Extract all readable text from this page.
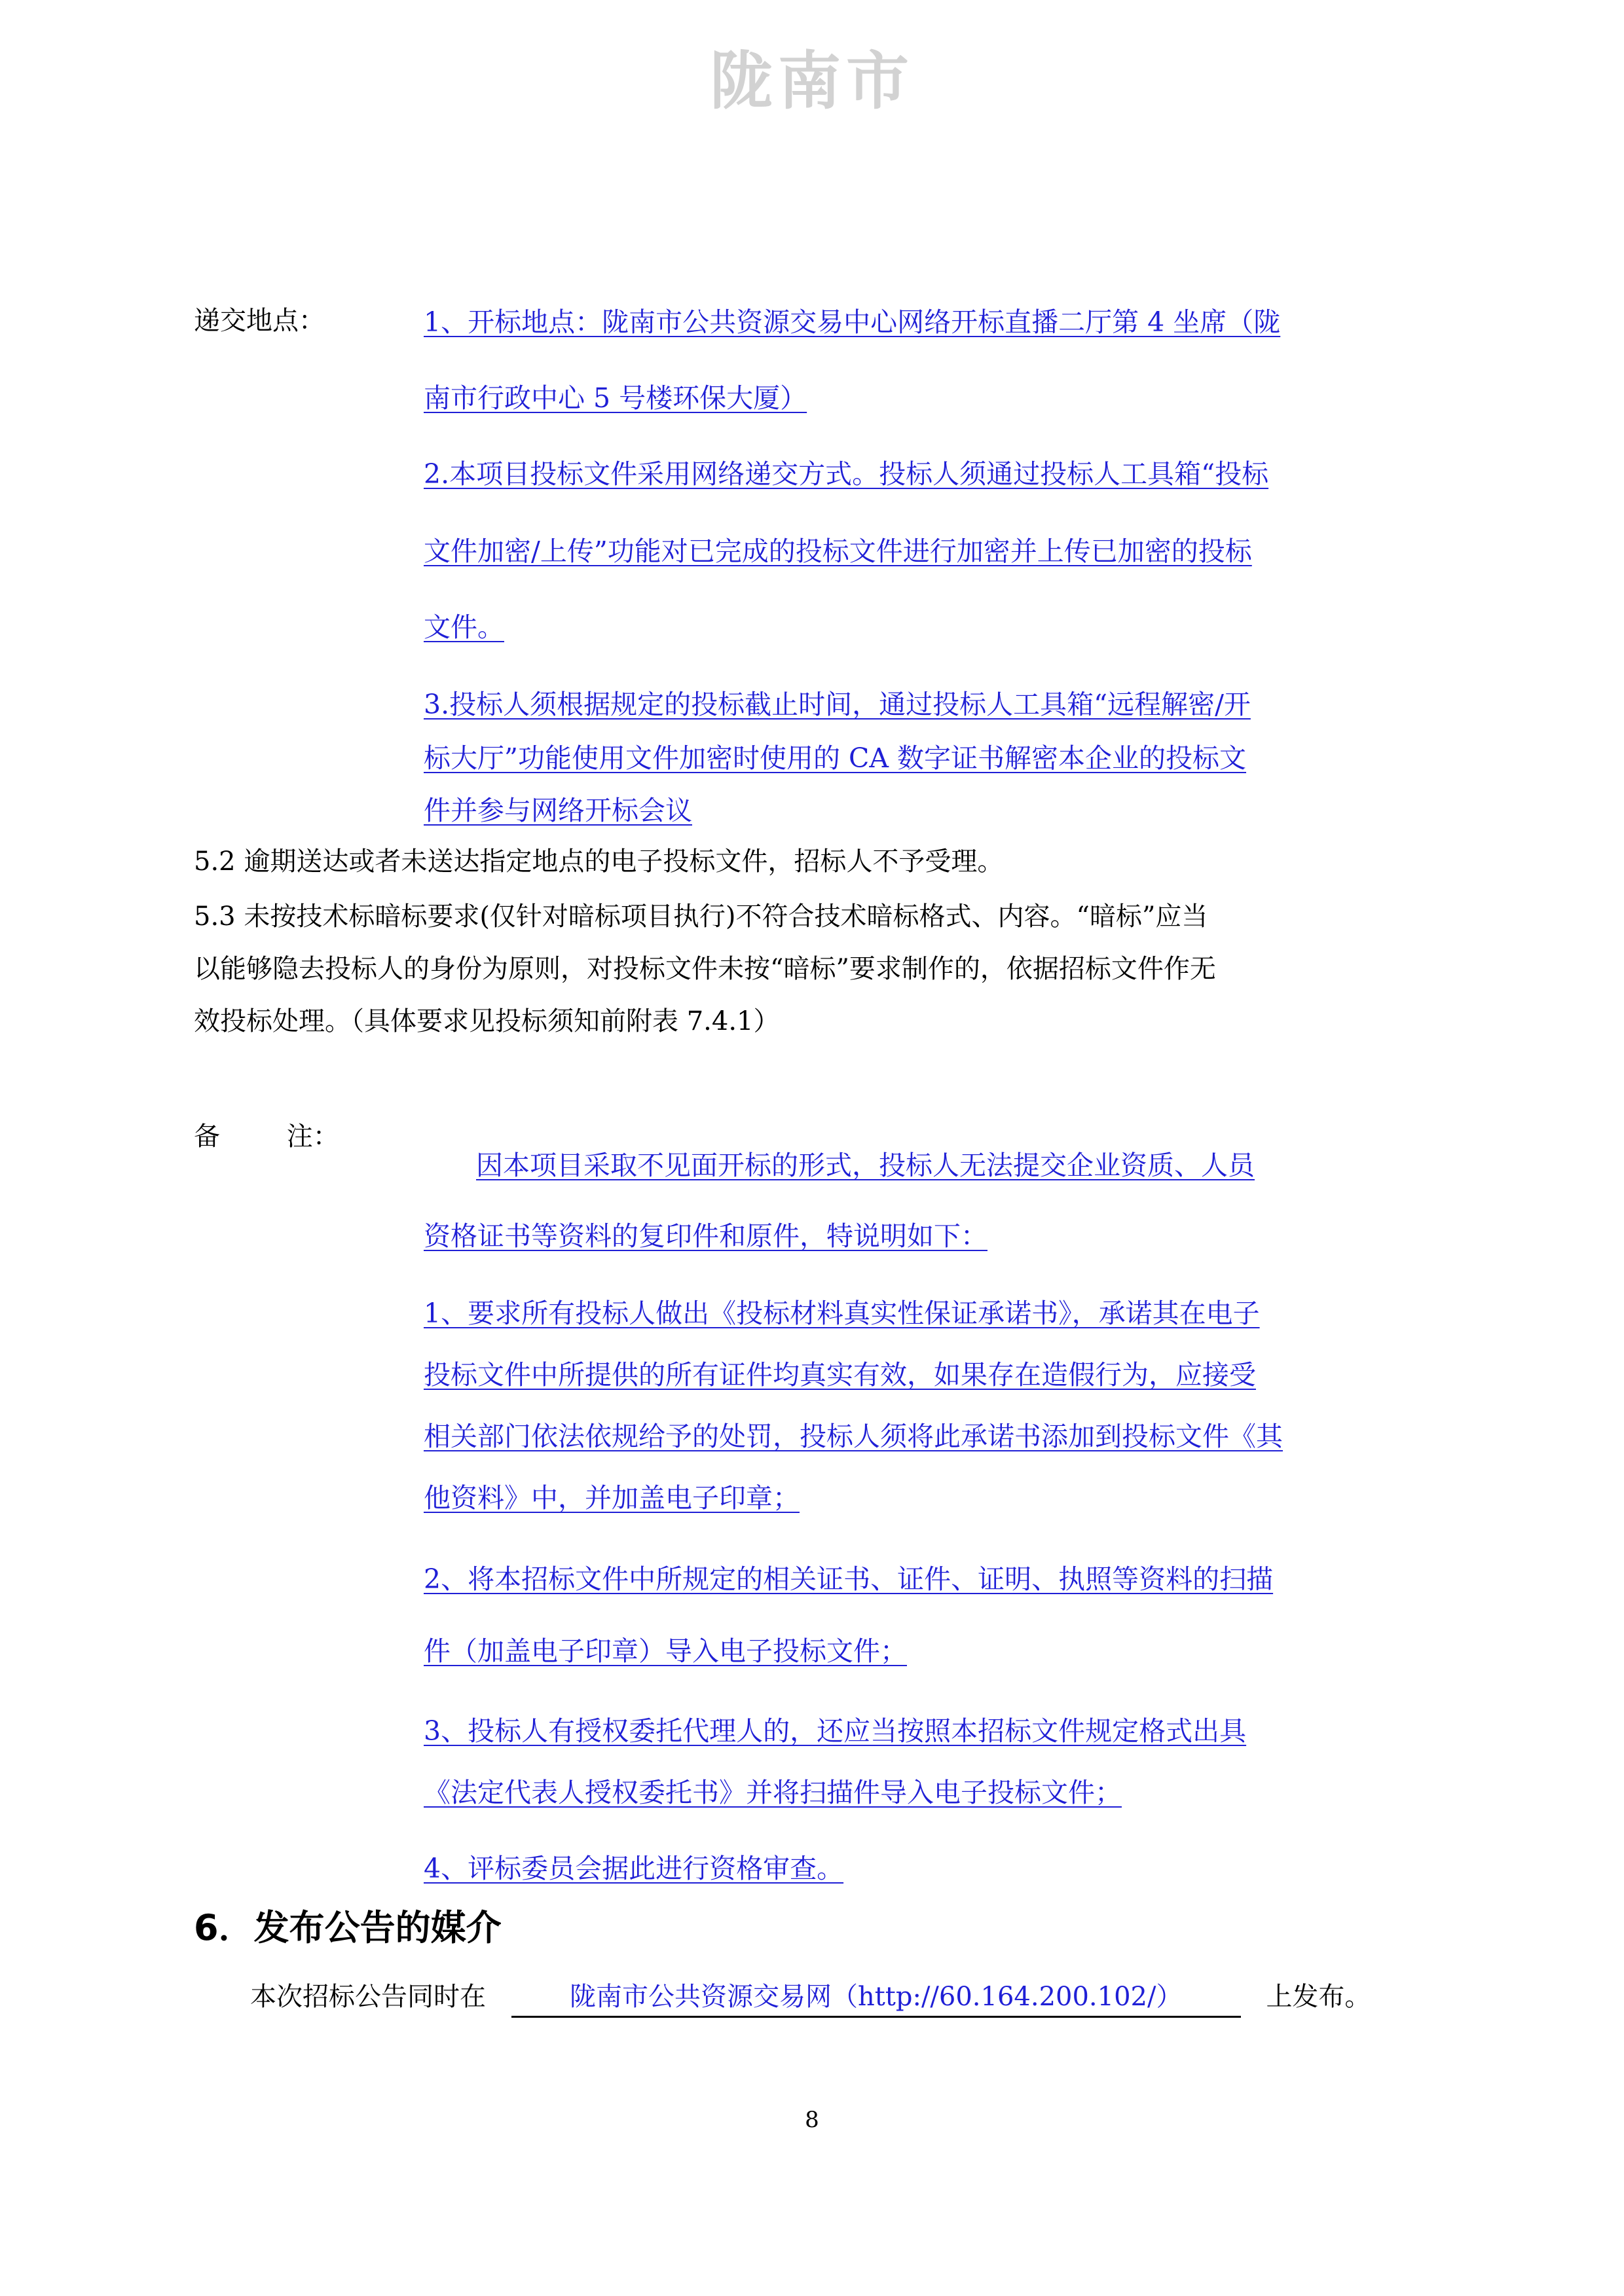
陇南市
递交地点：	1、开标地点：陇南市公共资源交易中心网络开标直播二厅第 4 坐席（陇
南市行政中心 5 号楼环保大厦）
2.本项目投标文件采用网络递交方式。投标人须通过投标人工具箱“投标
文件加密/上传”功能对已完成的投标文件进行加密并上传已加密的投标
文件。
3.投标人须根据规定的投标截止时间，通过投标人工具箱“远程解密/开
标大厅”功能使用文件加密时使用的 CA 数字证书解密本企业的投标文
件并参与网络开标会议
5.2 逾期送达或者未送达指定地点的电子投标文件，招标人不予受理。
5.3 未按技术标暗标要求(仅针对暗标项目执行)不符合技术暗标格式、内容。“暗标”应当
以能够隐去投标人的身份为原则，对投标文件未按“暗标”要求制作的，依据招标文件作无
效投标处理。（具体要求见投标须知前附表 7.4.1）
备        注：
因本项目采取不见面开标的形式，投标人无法提交企业资质、人员
资格证书等资料的复印件和原件，特说明如下：
1、要求所有投标人做出《投标材料真实性保证承诺书》，承诺其在电子
投标文件中所提供的所有证件均真实有效，如果存在造假行为，应接受
相关部门依法依规给予的处罚，投标人须将此承诺书添加到投标文件《其
他资料》中，并加盖电子印章；
2、将本招标文件中所规定的相关证书、证件、证明、执照等资料的扫描
件（加盖电子印章）导入电子投标文件；
3、投标人有授权委托代理人的，还应当按照本招标文件规定格式出具
《法定代表人授权委托书》并将扫描件导入电子投标文件；
4、评标委员会据此进行资格审查。
6．发布公告的媒介
本次招标公告同时在	陇南市公共资源交易网（http://60.164.200.102/）	上发布。
8
